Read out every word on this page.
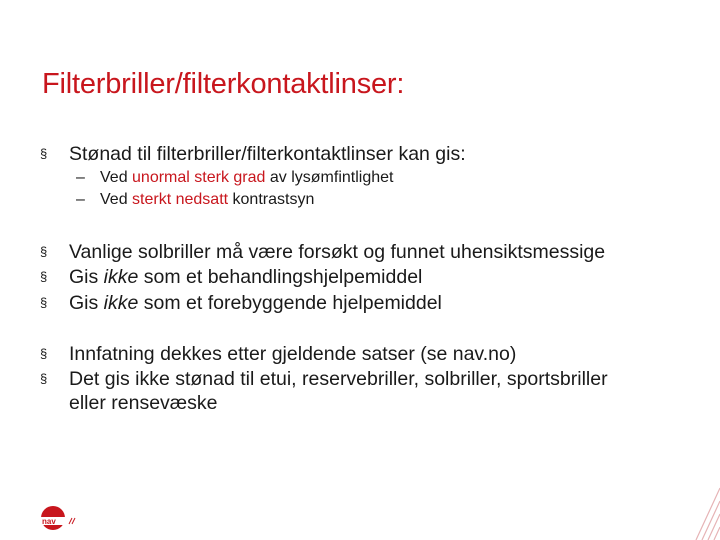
Filterbriller/filterkontaktlinser:
§ Stønad til filterbriller/filterkontaktlinser kan gis:
– Ved unormal sterk grad av lysømfintlighet
– Ved sterkt nedsatt kontrastsyn
§ Vanlige solbriller må være forsøkt og funnet uhensiktsmessige
§ Gis ikke som et behandlingshjelpemiddel
§ Gis ikke som et forebyggende hjelpemiddel
§ Innfatning dekkes etter gjeldende satser (se nav.no)
§ Det gis ikke stønad til etui, reservebriller, solbriller, sportsbriller
eller rensevæske
nav
